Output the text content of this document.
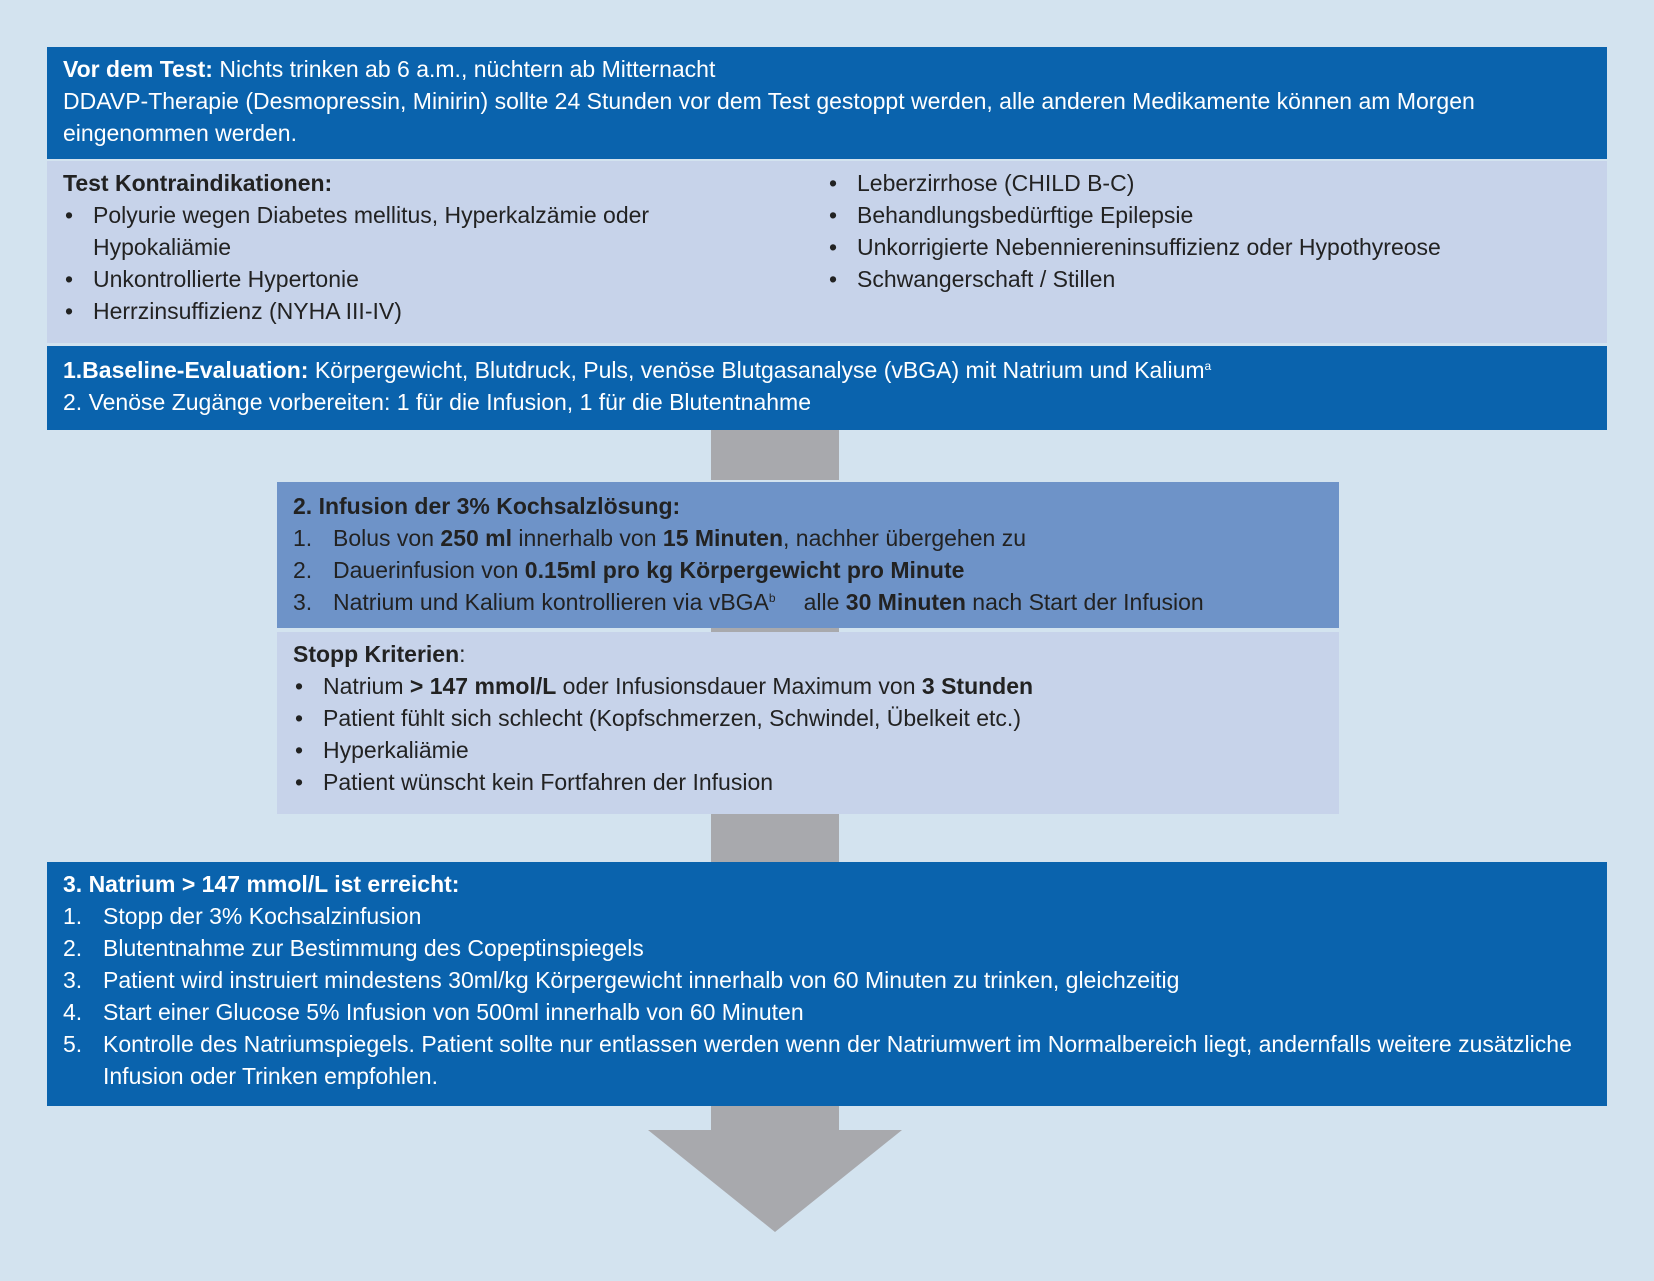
Vor dem Test: Nichts trinken ab 6 a.m., nüchtern ab Mitternacht
DDAVP-Therapie (Desmopressin, Minirin) sollte 24 Stunden vor dem Test gestoppt werden, alle anderen Medikamente können am Morgen eingenommen werden.
Test Kontraindikationen:
• Polyurie wegen Diabetes mellitus, Hyperkalzämie oder Hypokaliämie
• Unkontrollierte Hypertonie
• Herrzinsuffizienz (NYHA III-IV)
• Leberzirrhose (CHILD B-C)
• Behandlungsbedürftige Epilepsie
• Unkorrigierte Nebenniereninsuffizienz oder Hypothyreose
• Schwangerschaft / Stillen
1.Baseline-Evaluation: Körpergewicht, Blutdruck, Puls, venöse Blutgasanalyse (vBGA) mit Natrium und Kalium$^a$
2. Venöse Zugänge vorbereiten: 1 für die Infusion, 1 für die Blutentnahme
2. Infusion der 3% Kochsalzlösung:
1. Bolus von 250 ml innerhalb von 15 Minuten, nachher übergehen zu
2. Dauerinfusion von 0.15ml pro kg Körpergewicht pro Minute
3. Natrium und Kalium kontrollieren via vBGA$^b$ alle 30 Minuten nach Start der Infusion
Stopp Kriterien:
• Natrium > 147 mmol/L oder Infusionsdauer Maximum von 3 Stunden
• Patient fühlt sich schlecht (Kopfschmerzen, Schwindel, Übelkeit etc.)
• Hyperkaliämie
• Patient wünscht kein Fortfahren der Infusion
3. Natrium > 147 mmol/L ist erreicht:
1. Stopp der 3% Kochsalzinfusion
2. Blutentnahme zur Bestimmung des Copeptinspiegels
3. Patient wird instruiert mindestens 30ml/kg Körpergewicht innerhalb von 60 Minuten zu trinken, gleichzeitig
4. Start einer Glucose 5% Infusion von 500ml innerhalb von 60 Minuten
5. Kontrolle des Natriumspiegels. Patient sollte nur entlassen werden wenn der Natriumwert im Normalbereich liegt, andernfalls weitere zusätzliche Infusion oder Trinken empfohlen.
